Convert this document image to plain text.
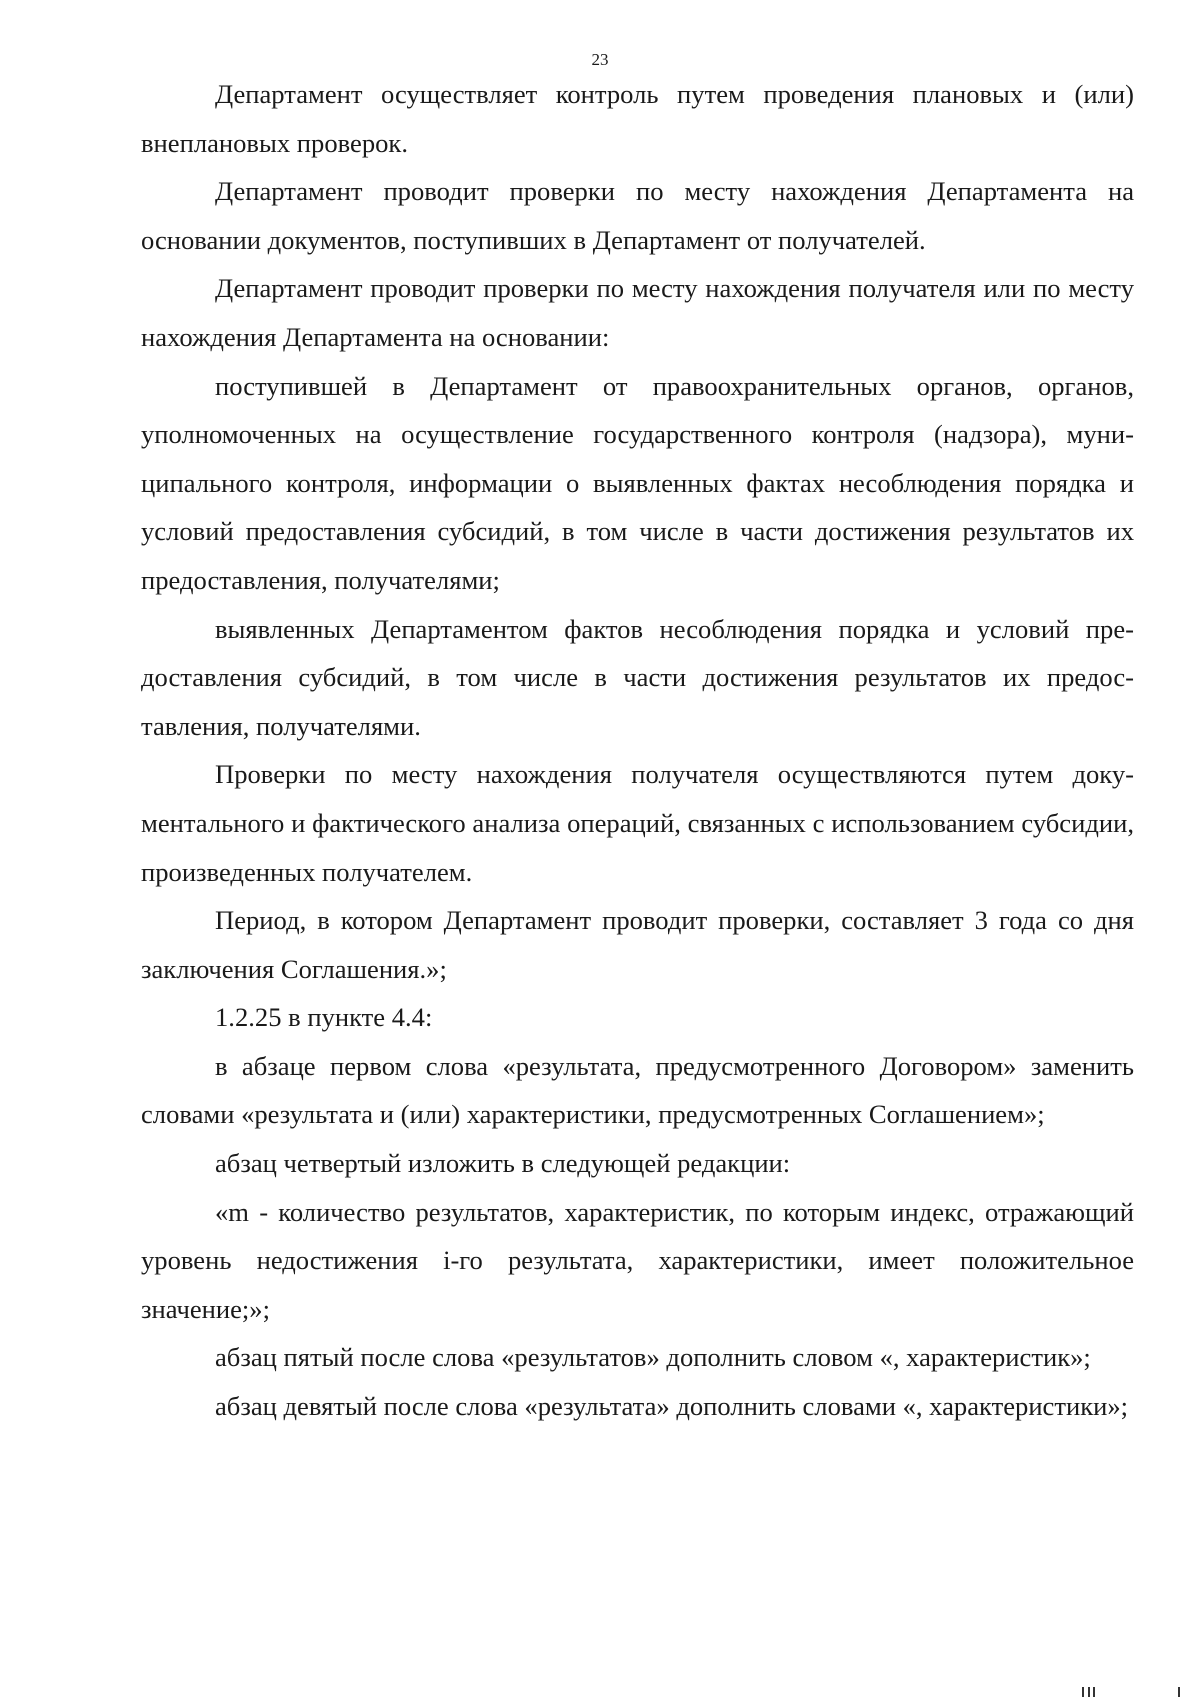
23

Департамент осуществляет контроль путем проведения плановых и (или) внеплановых проверок.

Департамент проводит проверки по месту нахождения Департамента на основании документов, поступивших в Департамент от получателей.

Департамент проводит проверки по месту нахождения получателя или по месту нахождения Департамента на основании:

поступившей в Департамент от правоохранительных органов, органов, уполномоченных на осуществление государственного контроля (надзора), муниципального контроля, информации о выявленных фактах несоблюдения порядка и условий предоставления субсидий, в том числе в части достижения результатов их предоставления, получателями;

выявленных Департаментом фактов несоблюдения порядка и условий предоставления субсидий, в том числе в части достижения результатов их предоставления, получателями.

Проверки по месту нахождения получателя осуществляются путем документального и фактического анализа операций, связанных с использованием субсидии, произведенных получателем.

Период, в котором Департамент проводит проверки, составляет 3 года со дня заключения Соглашения.»;

1.2.25 в пункте 4.4:

в абзаце первом слова «результата, предусмотренного Договором» заменить словами «результата и (или) характеристики, предусмотренных Соглашением»;

абзац четвертый изложить в следующей редакции:

«m - количество результатов, характеристик, по которым индекс, отражающий уровень недостижения i-го результата, характеристики, имеет положительное значение;»;

абзац пятый после слова «результатов» дополнить словом «, характеристик»;

абзац девятый после слова «результата» дополнить словами «, характеристики»;
